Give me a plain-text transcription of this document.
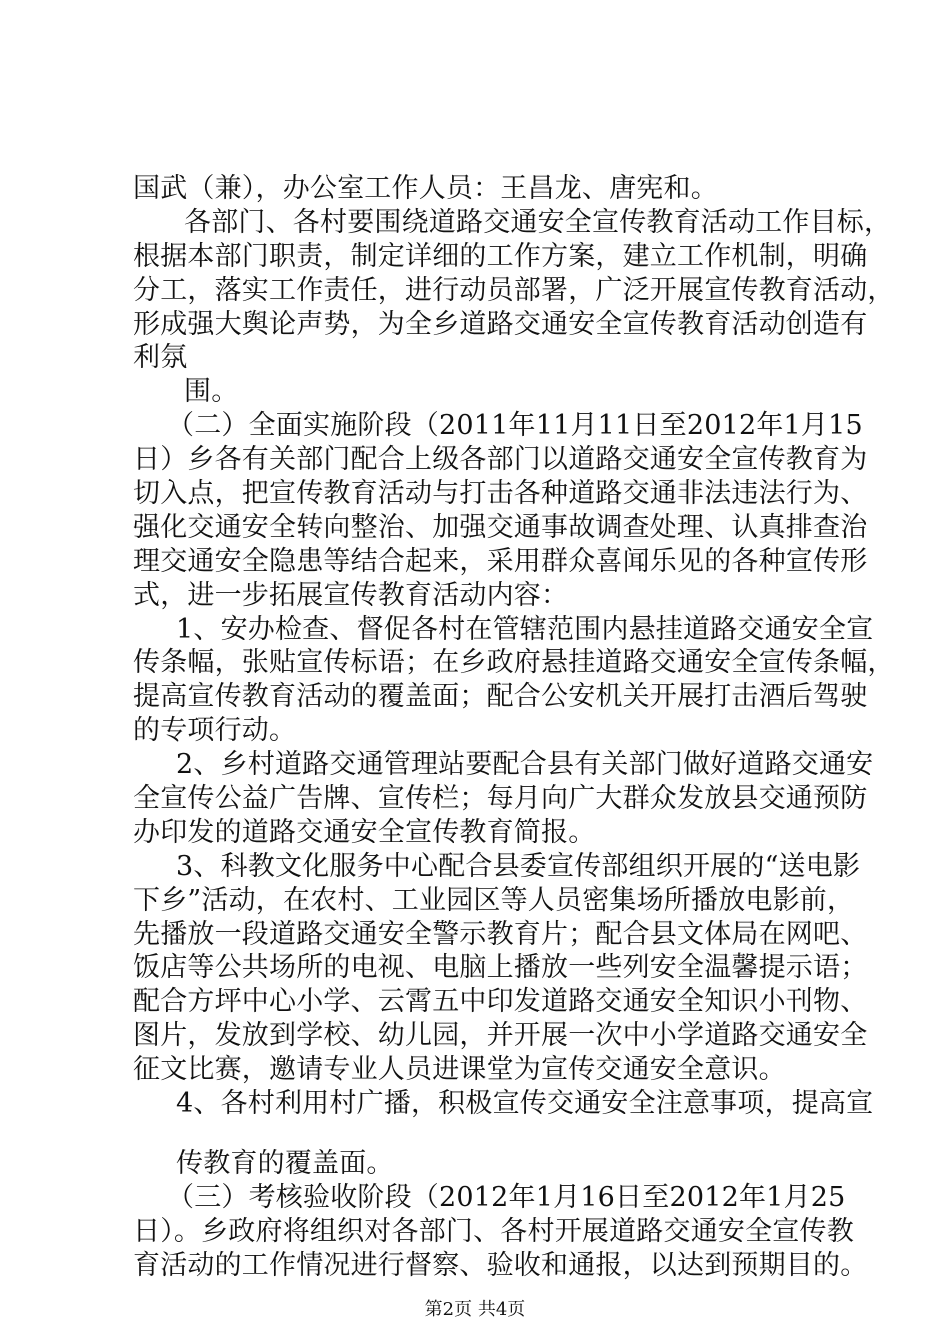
国武（兼），办公室工作人员：王昌龙、唐宪和。
各部门、各村要围绕道路交通安全宣传教育活动工作目标，
根据本部门职责，制定详细的工作方案，建立工作机制，明确
分工，落实工作责任，进行动员部署，广泛开展宣传教育活动，
形成强大舆论声势，为全乡道路交通安全宣传教育活动创造有
利氛
围。
（二）全面实施阶段（2011年11月11日至2012年1月15
日）乡各有关部门配合上级各部门以道路交通安全宣传教育为
切入点，把宣传教育活动与打击各种道路交通非法违法行为、
强化交通安全转向整治、加强交通事故调查处理、认真排查治
理交通安全隐患等结合起来，采用群众喜闻乐见的各种宣传形
式，进一步拓展宣传教育活动内容：
1、安办检查、督促各村在管辖范围内悬挂道路交通安全宣
传条幅，张贴宣传标语；在乡政府悬挂道路交通安全宣传条幅，
提高宣传教育活动的覆盖面；配合公安机关开展打击酒后驾驶
的专项行动。
2、乡村道路交通管理站要配合县有关部门做好道路交通安
全宣传公益广告牌、宣传栏；每月向广大群众发放县交通预防
办印发的道路交通安全宣传教育简报。
3、科教文化服务中心配合县委宣传部组织开展的“送电影
下乡”活动，在农村、工业园区等人员密集场所播放电影前，
先播放一段道路交通安全警示教育片；配合县文体局在网吧、
饭店等公共场所的电视、电脑上播放一些列安全温馨提示语；
配合方坪中心小学、云霄五中印发道路交通安全知识小刊物、
图片，发放到学校、幼儿园，并开展一次中小学道路交通安全
征文比赛，邀请专业人员进课堂为宣传交通安全意识。
4、各村利用村广播，积极宣传交通安全注意事项，提高宣
传教育的覆盖面。
（三）考核验收阶段（2012年1月16日至2012年1月25
日）。乡政府将组织对各部门、各村开展道路交通安全宣传教
育活动的工作情况进行督察、验收和通报，以达到预期目的。
第2页 共4页
